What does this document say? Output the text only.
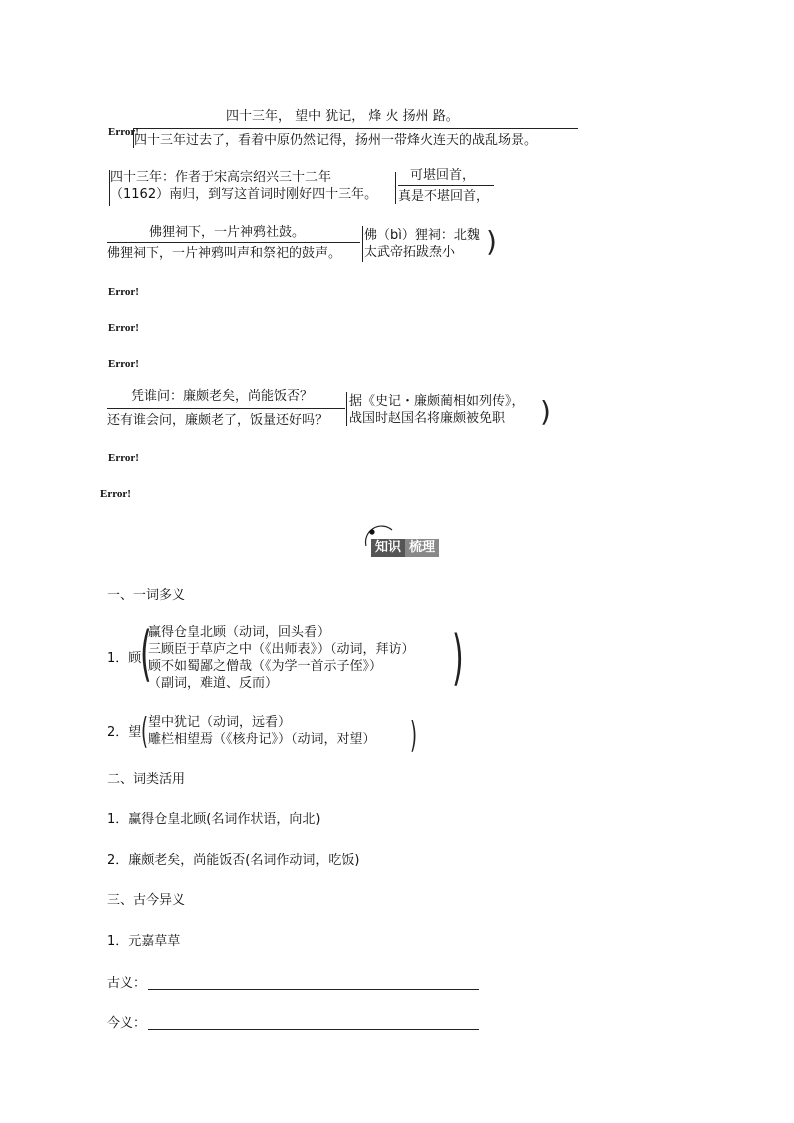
四十三年， 望中 犹记， 烽 火 扬州 路。
Error!
四十三年过去了，看着中原仍然记得，扬州一带烽火连天的战乱场景。
四十三年：作者于宋高宗绍兴三十二年
（1162）南归，到写这首词时刚好四十三年。
可堪回首，
真是不堪回首，
佛狸祠下，一片神鸦社鼓。
佛狸祠下，一片神鸦叫声和祭祀的鼓声。
佛（bì）狸祠：北魏
太武帝拓跋焘小 )
Error!
Error!
Error!
凭谁问：廉颇老矣，尚能饭否？
还有谁会问，廉颇老了，饭量还好吗？
据《史记・廉颇蔺相如列传》，
战国时赵国名将廉颇被免职 )
Error!
Error!
知识 梳理
一、一词多义
1．顾
(
赢得仓皇北顾（动词，回头看）
三顾臣于草庐之中（《出师表》）（动词，拜访）
顾不如蜀鄙之僧哉（《为学一首示子侄》）
（副词，难道、反而）	)
2．望 ( 望中犹记（动词，远看）
雕栏相望焉（《核舟记》）（动词，对望） )
二、词类活用
1．赢得仓皇北顾(名词作状语，向北)
2．廉颇老矣，尚能饭否(名词作动词，吃饭)
三、古今异义
1．元嘉草草
古义：
今义：
